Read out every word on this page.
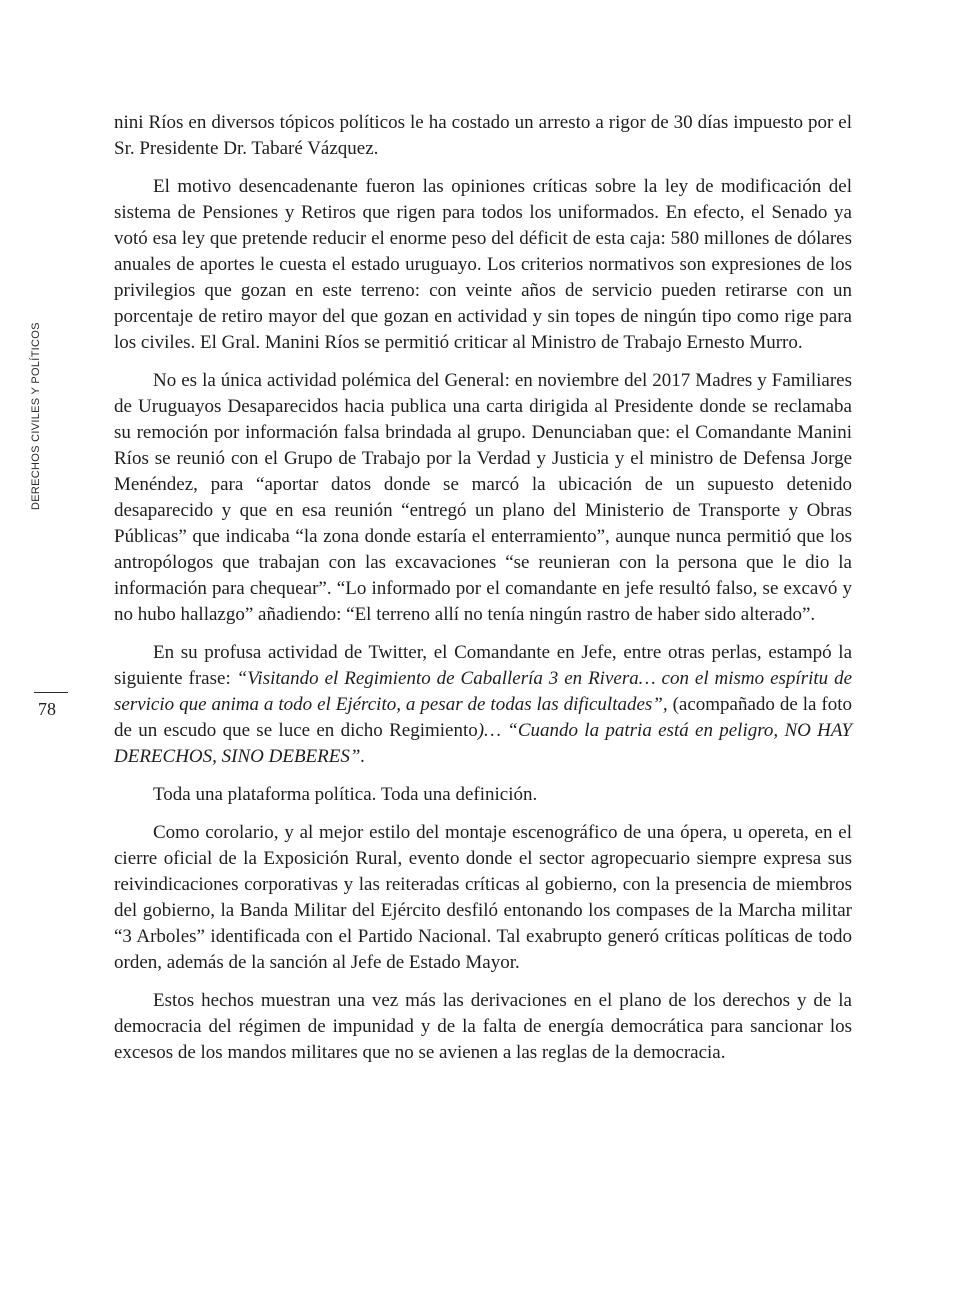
DERECHOS CIVILES Y POLÍTICOS
78

nini Ríos en diversos tópicos políticos le ha costado un arresto a rigor de 30 días impuesto por el Sr. Presidente Dr. Tabaré Vázquez.

El motivo desencadenante fueron las opiniones críticas sobre la ley de modificación del sistema de Pensiones y Retiros que rigen para todos los uniformados. En efecto, el Senado ya votó esa ley que pretende reducir el enorme peso del déficit de esta caja: 580 millones de dólares anuales de aportes le cuesta el estado uruguayo. Los criterios normativos son expresiones de los privilegios que gozan en este terreno: con veinte años de servicio pueden retirarse con un porcentaje de retiro mayor del que gozan en actividad y sin topes de ningún tipo como rige para los civiles. El Gral. Manini Ríos se permitió criticar al Ministro de Trabajo Ernesto Murro.

No es la única actividad polémica del General: en noviembre del 2017 Madres y Familiares de Uruguayos Desaparecidos hacia publica una carta dirigida al Presidente donde se reclamaba su remoción por información falsa brindada al grupo. Denunciaban que: el Comandante Manini Ríos se reunió con el Grupo de Trabajo por la Verdad y Justicia y el ministro de Defensa Jorge Menéndez, para “aportar datos donde se marcó la ubicación de un supuesto detenido desaparecido y que en esa reunión “entregó un plano del Ministerio de Transporte y Obras Públicas” que indicaba “la zona donde estaría el enterramiento”, aunque nunca permitió que los antropólogos que trabajan con las excavaciones “se reunieran con la persona que le dio la información para chequear”. “Lo informado por el comandante en jefe resultó falso, se excavó y no hubo hallazgo” añadiendo: “El terreno allí no tenía ningún rastro de haber sido alterado”.

En su profusa actividad de Twitter, el Comandante en Jefe, entre otras perlas, estampó la siguiente frase: “Visitando el Regimiento de Caballería 3 en Rivera… con el mismo espíritu de servicio que anima a todo el Ejército, a pesar de todas las dificultades”, (acompañado de la foto de un escudo que se luce en dicho Regimiento)… “Cuando la patria está en peligro, NO HAY DERECHOS, SINO DEBERES”.

Toda una plataforma política. Toda una definición.

Como corolario, y al mejor estilo del montaje escenográfico de una ópera, u opereta, en el cierre oficial de la Exposición Rural, evento donde el sector agropecuario siempre expresa sus reivindicaciones corporativas y las reiteradas críticas al gobierno, con la presencia de miembros del gobierno, la Banda Militar del Ejército desfiló entonando los compases de la Marcha militar “3 Arboles” identificada con el Partido Nacional. Tal exabrupto generó críticas políticas de todo orden, además de la sanción al Jefe de Estado Mayor.

Estos hechos muestran una vez más las derivaciones en el plano de los derechos y de la democracia del régimen de impunidad y de la falta de energía democrática para sancionar los excesos de los mandos militares que no se avienen a las reglas de la democracia.
